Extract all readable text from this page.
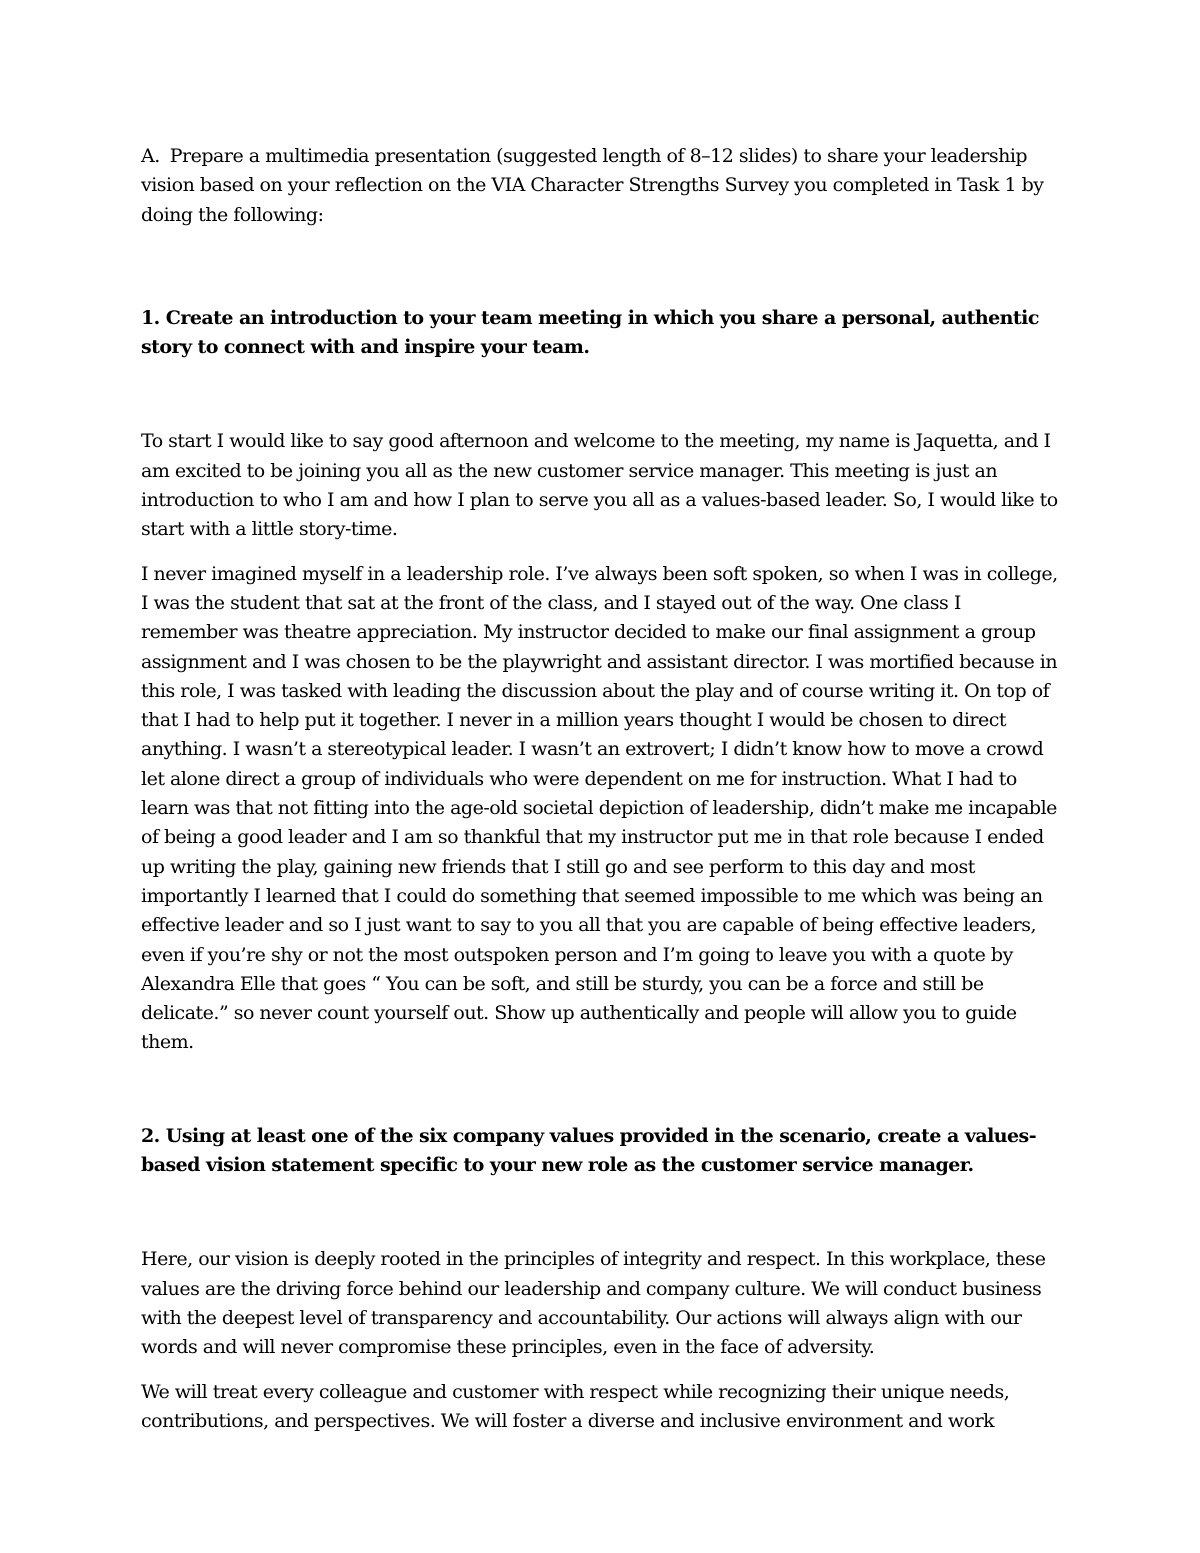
A. Prepare a multimedia presentation (suggested length of 8–12 slides) to share your leadership vision based on your reflection on the VIA Character Strengths Survey you completed in Task 1 by doing the following:

1. Create an introduction to your team meeting in which you share a personal, authentic story to connect with and inspire your team.

To start I would like to say good afternoon and welcome to the meeting, my name is Jaquetta, and I am excited to be joining you all as the new customer service manager. This meeting is just an introduction to who I am and how I plan to serve you all as a values-based leader. So, I would like to start with a little story-time.

I never imagined myself in a leadership role. I’ve always been soft spoken, so when I was in college, I was the student that sat at the front of the class, and I stayed out of the way. One class I remember was theatre appreciation. My instructor decided to make our final assignment a group assignment and I was chosen to be the playwright and assistant director. I was mortified because in this role, I was tasked with leading the discussion about the play and of course writing it. On top of that I had to help put it together. I never in a million years thought I would be chosen to direct anything. I wasn’t a stereotypical leader. I wasn’t an extrovert; I didn’t know how to move a crowd let alone direct a group of individuals who were dependent on me for instruction. What I had to learn was that not fitting into the age-old societal depiction of leadership, didn’t make me incapable of being a good leader and I am so thankful that my instructor put me in that role because I ended up writing the play, gaining new friends that I still go and see perform to this day and most importantly I learned that I could do something that seemed impossible to me which was being an effective leader and so I just want to say to you all that you are capable of being effective leaders, even if you’re shy or not the most outspoken person and I’m going to leave you with a quote by Alexandra Elle that goes “ You can be soft, and still be sturdy, you can be a force and still be delicate.” so never count yourself out. Show up authentically and people will allow you to guide them.

2. Using at least one of the six company values provided in the scenario, create a values-based vision statement specific to your new role as the customer service manager.

Here, our vision is deeply rooted in the principles of integrity and respect. In this workplace, these values are the driving force behind our leadership and company culture. We will conduct business with the deepest level of transparency and accountability. Our actions will always align with our words and will never compromise these principles, even in the face of adversity.

We will treat every colleague and customer with respect while recognizing their unique needs, contributions, and perspectives. We will foster a diverse and inclusive environment and work
